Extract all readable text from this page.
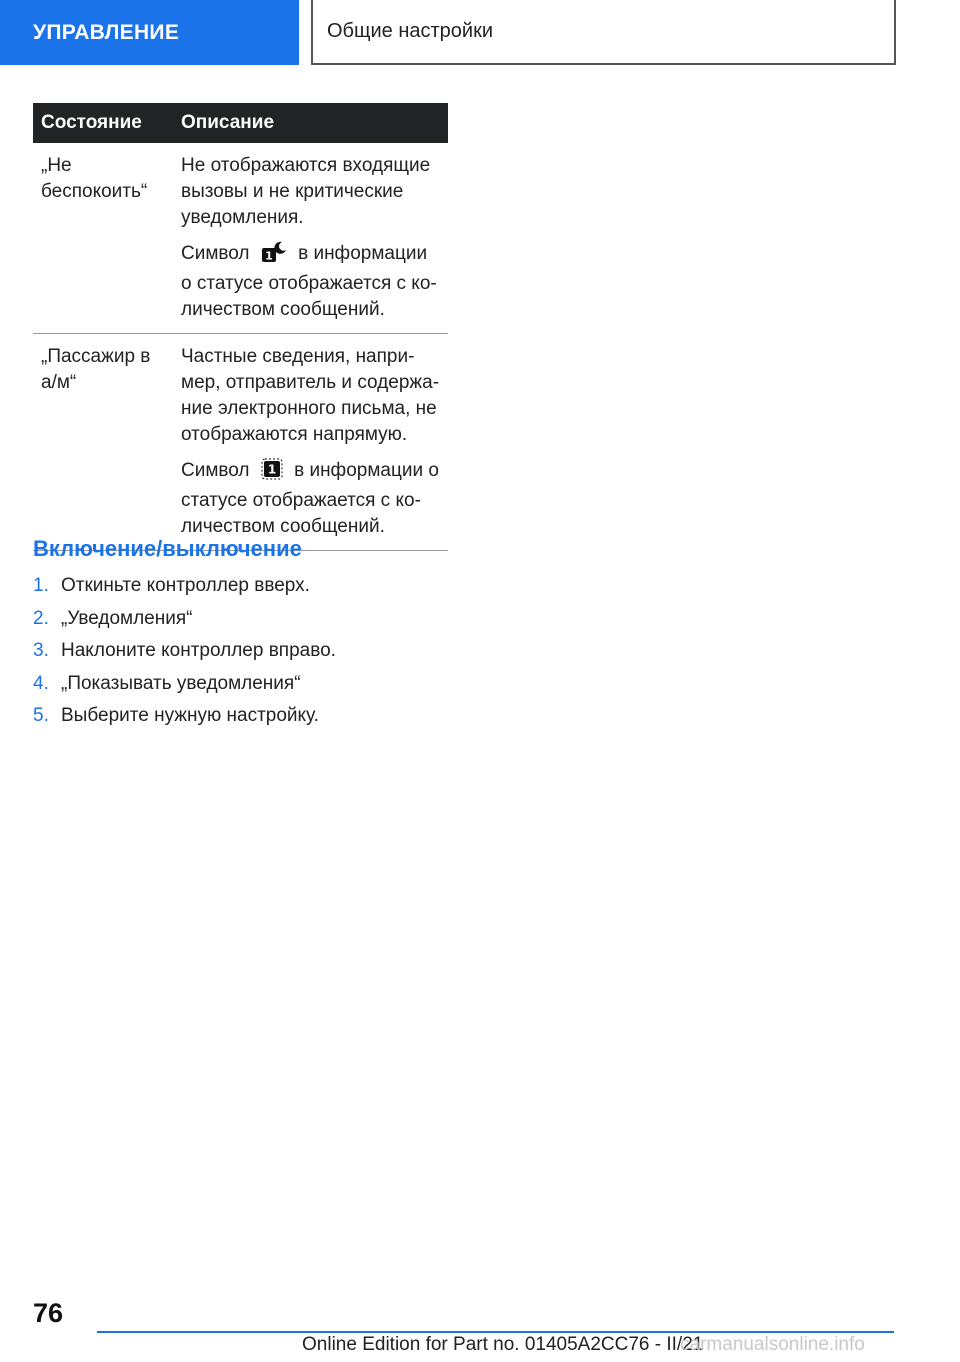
УПРАВЛЕНИЕ	Общие настройки
Состояние	Описание
„Не беспокоить“	Не отображаются входящие вызовы и не критические уведомления.

Символ 1 в информации о статусе отображается с количеством сообщений.

„Пассажир в а/м“	Частные сведения, например, отправитель и содержание электронного письма, не отображаются напрямую.

Символ 1 в информации о статусе отображается с количеством сообщений.

Включение/выключение
1. Откиньте контроллер вверх.
2. „Уведомления“
3. Наклоните контроллер вправо.
4. „Показывать уведомления“
5. Выберите нужную настройку.
76
Online Edition for Part no. 01405A2CC76 - II/21
carmanualsonline.info
